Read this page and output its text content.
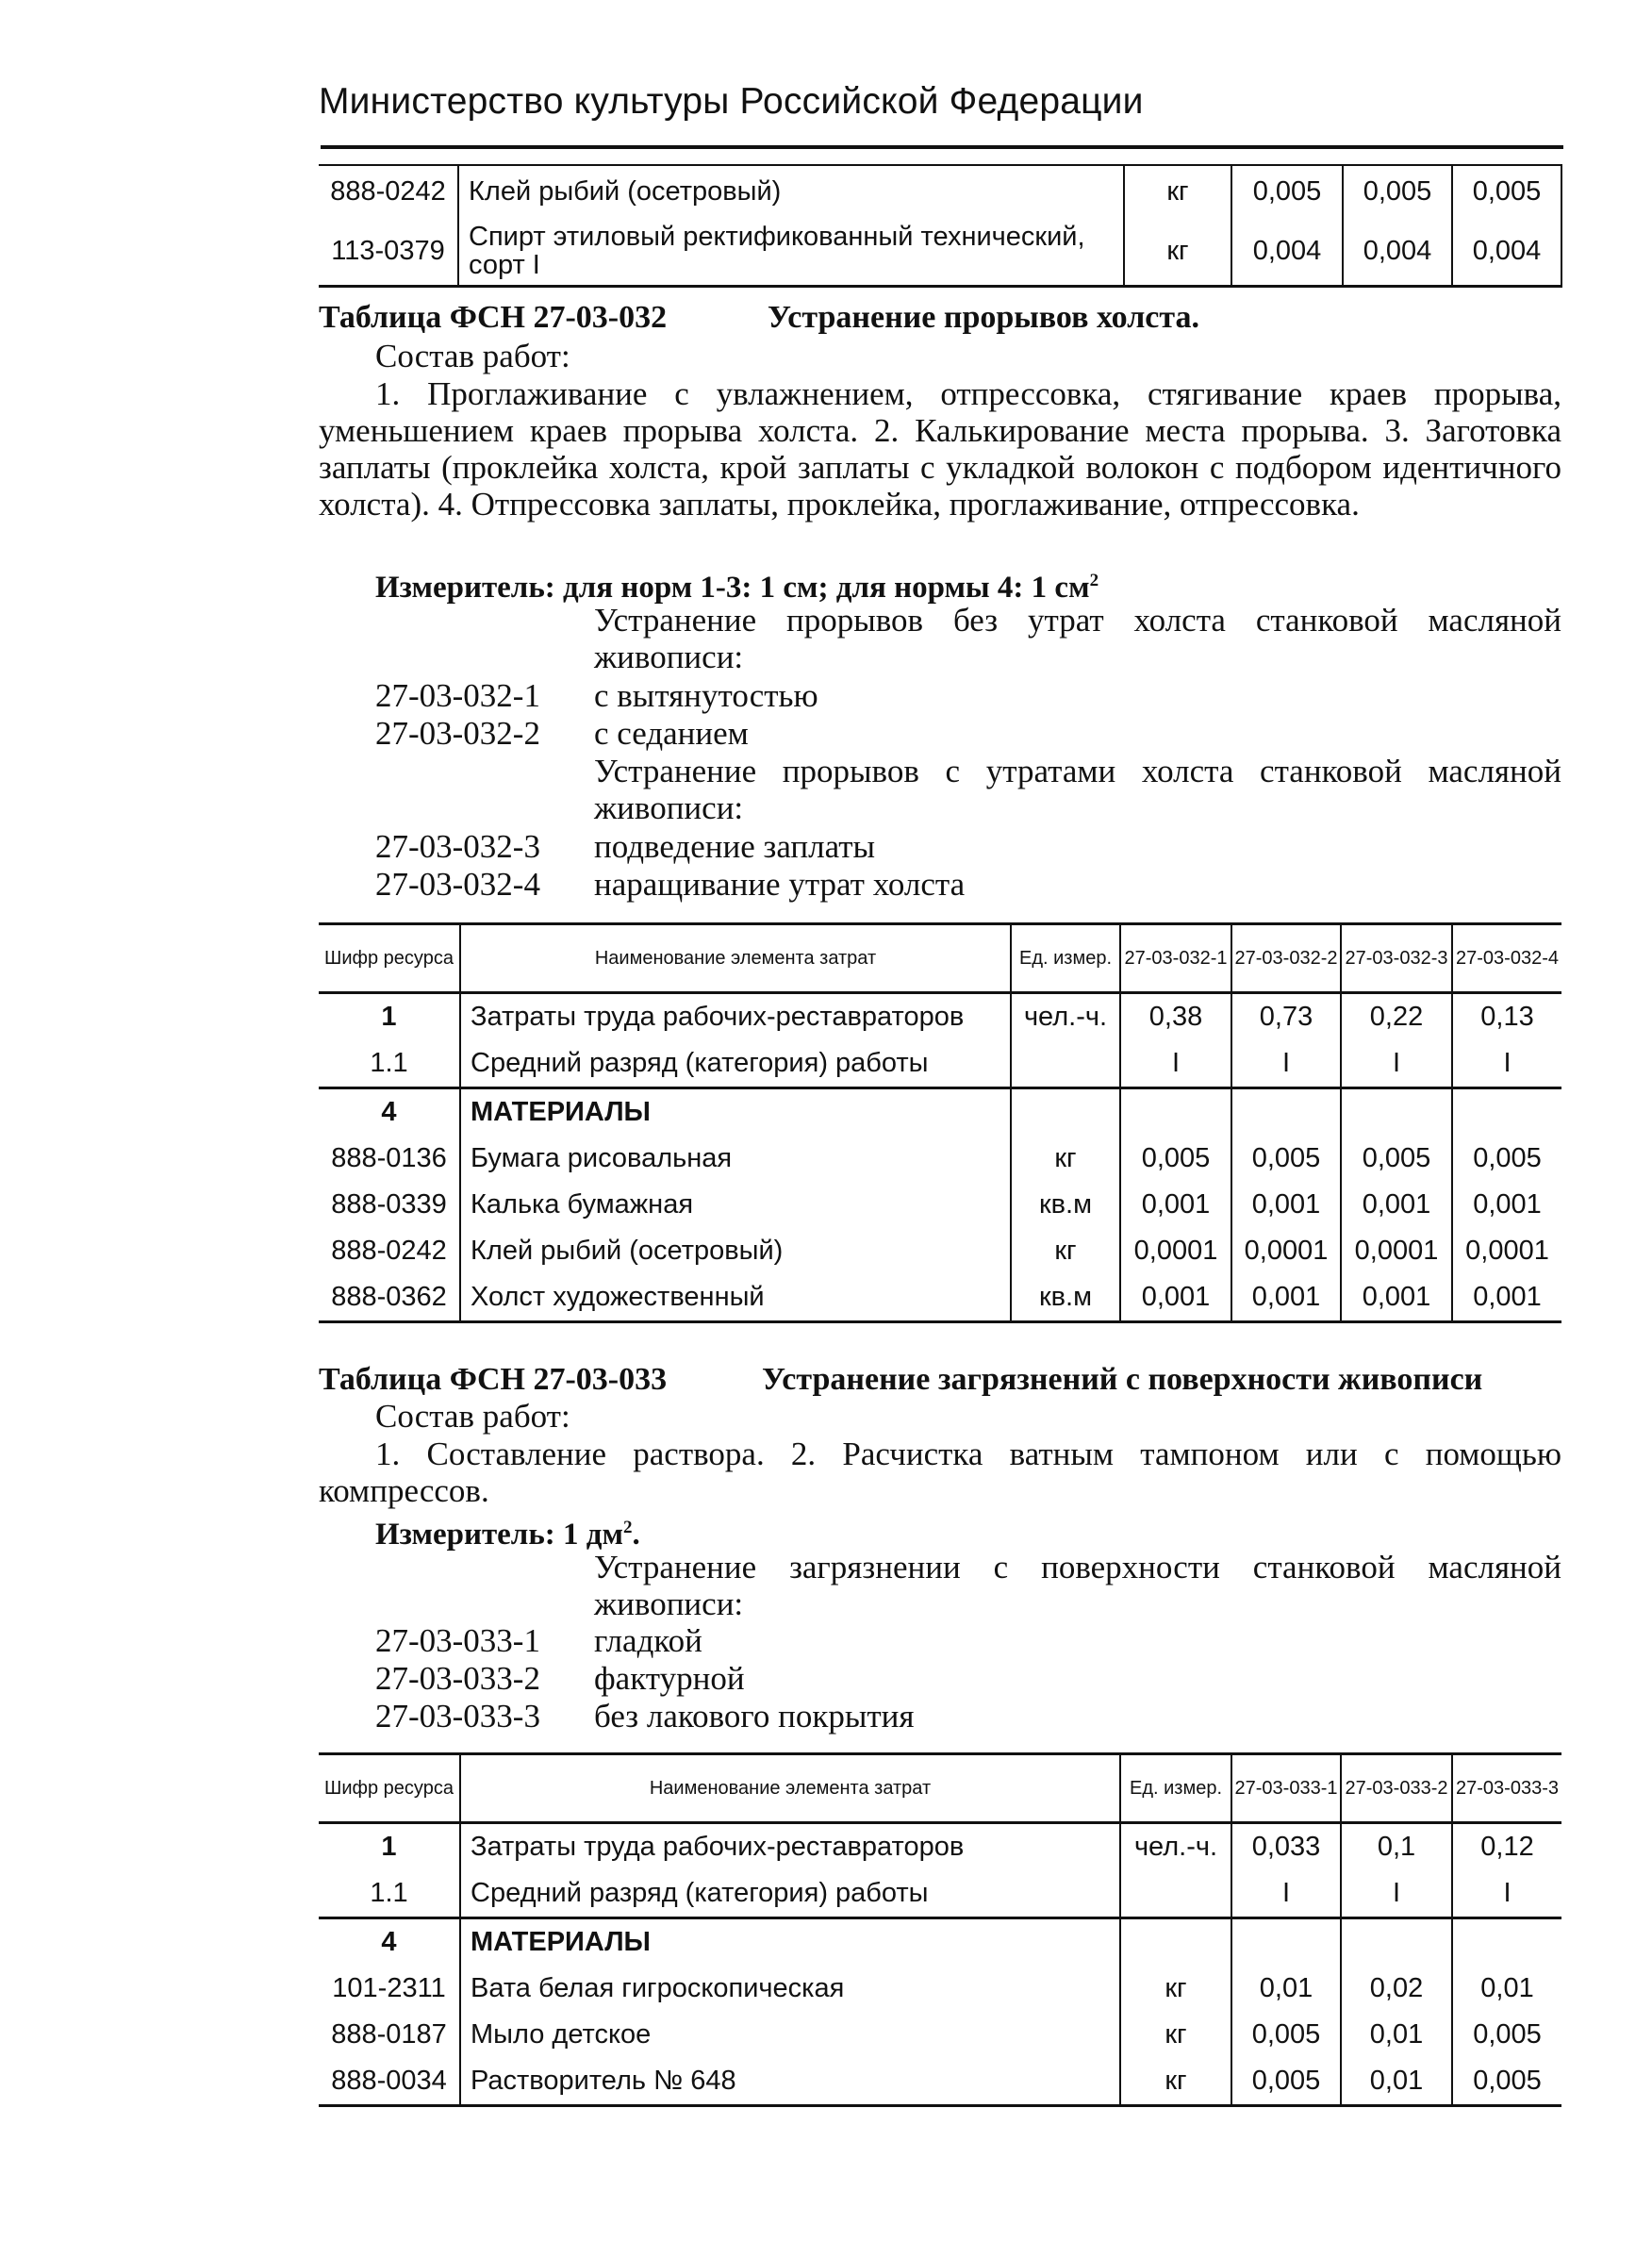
Министерство культуры Российской Федерации
888-0242	Клей рыбий (осетровый)	кг	0,005	0,005	0,005
113-0379	Спирт этиловый ректификованный технический, сорт I	кг	0,004	0,004	0,004
Таблица ФСН 27-03-032	Устранение прорывов холста.
Состав работ:
1. Проглаживание с увлажнением, отпрессовка, стягивание краев прорыва, уменьшением краев прорыва холста. 2. Калькирование места прорыва. 3. Заготовка заплаты (проклейка холста, крой заплаты с укладкой волокон с подбором идентичного холста). 4. Отпрессовка заплаты, проклейка, проглаживание, отпрессовка.
Измеритель: для норм 1-3: 1 см; для нормы 4: 1 $см^2$
Устранение прорывов без утрат холста станковой масляной живописи:
27-03-032-1 с вытянутостью
27-03-032-2 с седанием
Устранение прорывов с утратами холста станковой масляной живописи:
27-03-032-3 подведение заплаты
27-03-032-4 наращивание утрат холста
Шифр ресурса	Наименование элемента затрат	Ед. измер.	27-03-032-1	27-03-032-2	27-03-032-3	27-03-032-4
1	Затраты труда рабочих-реставраторов	чел.-ч.	0,38	0,73	0,22	0,13
1.1	Средний разряд (категория) работы		I	I	I	I
4	МАТЕРИАЛЫ					
888-0136	Бумага рисовальная	кг	0,005	0,005	0,005	0,005
888-0339	Калька бумажная	кв.м	0,001	0,001	0,001	0,001
888-0242	Клей рыбий (осетровый)	кг	0,0001	0,0001	0,0001	0,0001
888-0362	Холст художественный	кв.м	0,001	0,001	0,001	0,001
Таблица ФСН 27-03-033	Устранение загрязнений с поверхности живописи
Состав работ:
1. Составление раствора. 2. Расчистка ватным тампоном или с помощью компрессов.
Измеритель: 1 $дм^2$.
Устранение загрязнении с поверхности станковой масляной живописи:
27-03-033-1 гладкой
27-03-033-2 фактурной
27-03-033-3 без лакового покрытия
Шифр ресурса	Наименование элемента затрат	Ед. измер.	27-03-033-1	27-03-033-2	27-03-033-3
1	Затраты труда рабочих-реставраторов	чел.-ч.	0,033	0,1	0,12
1.1	Средний разряд (категория) работы		I	I	I
4	МАТЕРИАЛЫ				
101-2311	Вата белая гигроскопическая	кг	0,01	0,02	0,01
888-0187	Мыло детское	кг	0,005	0,01	0,005
888-0034	Растворитель № 648	кг	0,005	0,01	0,005
